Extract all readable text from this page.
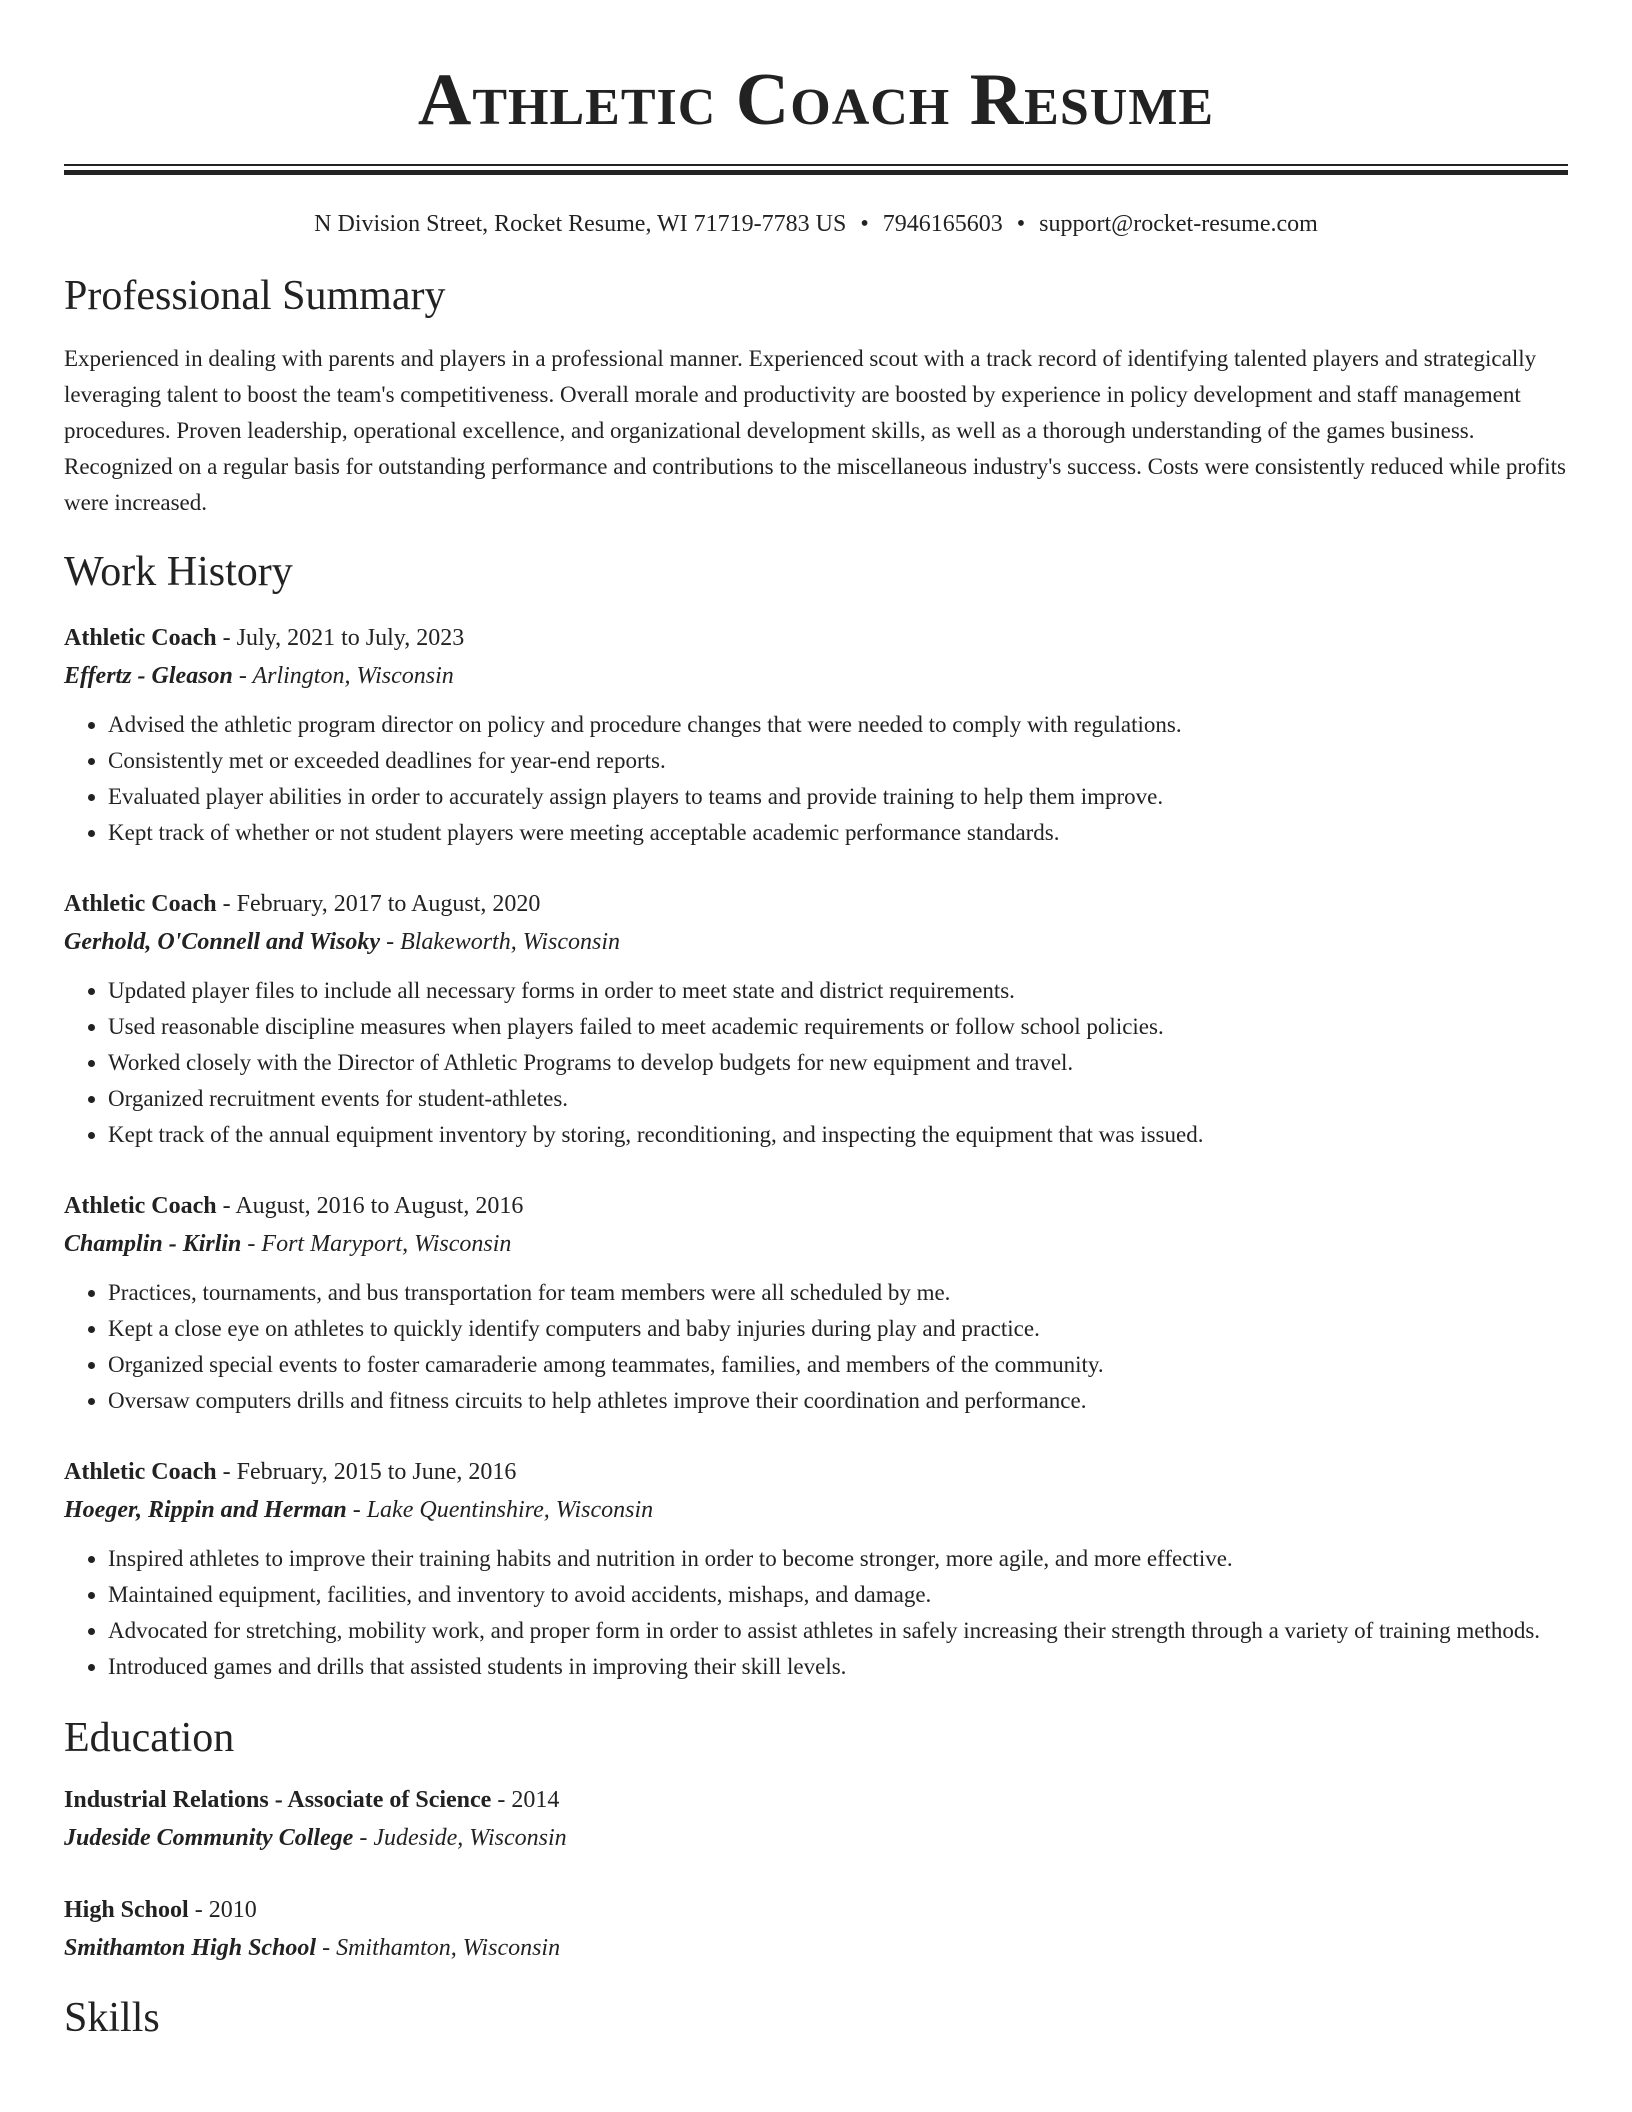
Athletic Coach Resume
N Division Street, Rocket Resume, WI 71719-7783 US • 7946165603 • support@rocket-resume.com
Professional Summary

Experienced in dealing with parents and players in a professional manner. Experienced scout with a track record of identifying talented players and strategically leveraging talent to boost the team's competitiveness. Overall morale and productivity are boosted by experience in policy development and staff management procedures. Proven leadership, operational excellence, and organizational development skills, as well as a thorough understanding of the games business. Recognized on a regular basis for outstanding performance and contributions to the miscellaneous industry's success. Costs were consistently reduced while profits were increased.

Work History
Athletic Coach - July, 2021 to July, 2023
Effertz - Gleason - Arlington, Wisconsin
• Advised the athletic program director on policy and procedure changes that were needed to comply with regulations.
• Consistently met or exceeded deadlines for year-end reports.
• Evaluated player abilities in order to accurately assign players to teams and provide training to help them improve.
• Kept track of whether or not student players were meeting acceptable academic performance standards.
Athletic Coach - February, 2017 to August, 2020
Gerhold, O'Connell and Wisoky - Blakeworth, Wisconsin
• Updated player files to include all necessary forms in order to meet state and district requirements.
• Used reasonable discipline measures when players failed to meet academic requirements or follow school policies.
• Worked closely with the Director of Athletic Programs to develop budgets for new equipment and travel.
• Organized recruitment events for student-athletes.
• Kept track of the annual equipment inventory by storing, reconditioning, and inspecting the equipment that was issued.
Athletic Coach - August, 2016 to August, 2016
Champlin - Kirlin - Fort Maryport, Wisconsin
• Practices, tournaments, and bus transportation for team members were all scheduled by me.
• Kept a close eye on athletes to quickly identify computers and baby injuries during play and practice.
• Organized special events to foster camaraderie among teammates, families, and members of the community.
• Oversaw computers drills and fitness circuits to help athletes improve their coordination and performance.
Athletic Coach - February, 2015 to June, 2016
Hoeger, Rippin and Herman - Lake Quentinshire, Wisconsin
• Inspired athletes to improve their training habits and nutrition in order to become stronger, more agile, and more effective.
• Maintained equipment, facilities, and inventory to avoid accidents, mishaps, and damage.
• Advocated for stretching, mobility work, and proper form in order to assist athletes in safely increasing their strength through a variety of training methods.
• Introduced games and drills that assisted students in improving their skill levels.
Education
Industrial Relations - Associate of Science - 2014
Judeside Community College - Judeside, Wisconsin
High School - 2010
Smithamton High School - Smithamton, Wisconsin
Skills
